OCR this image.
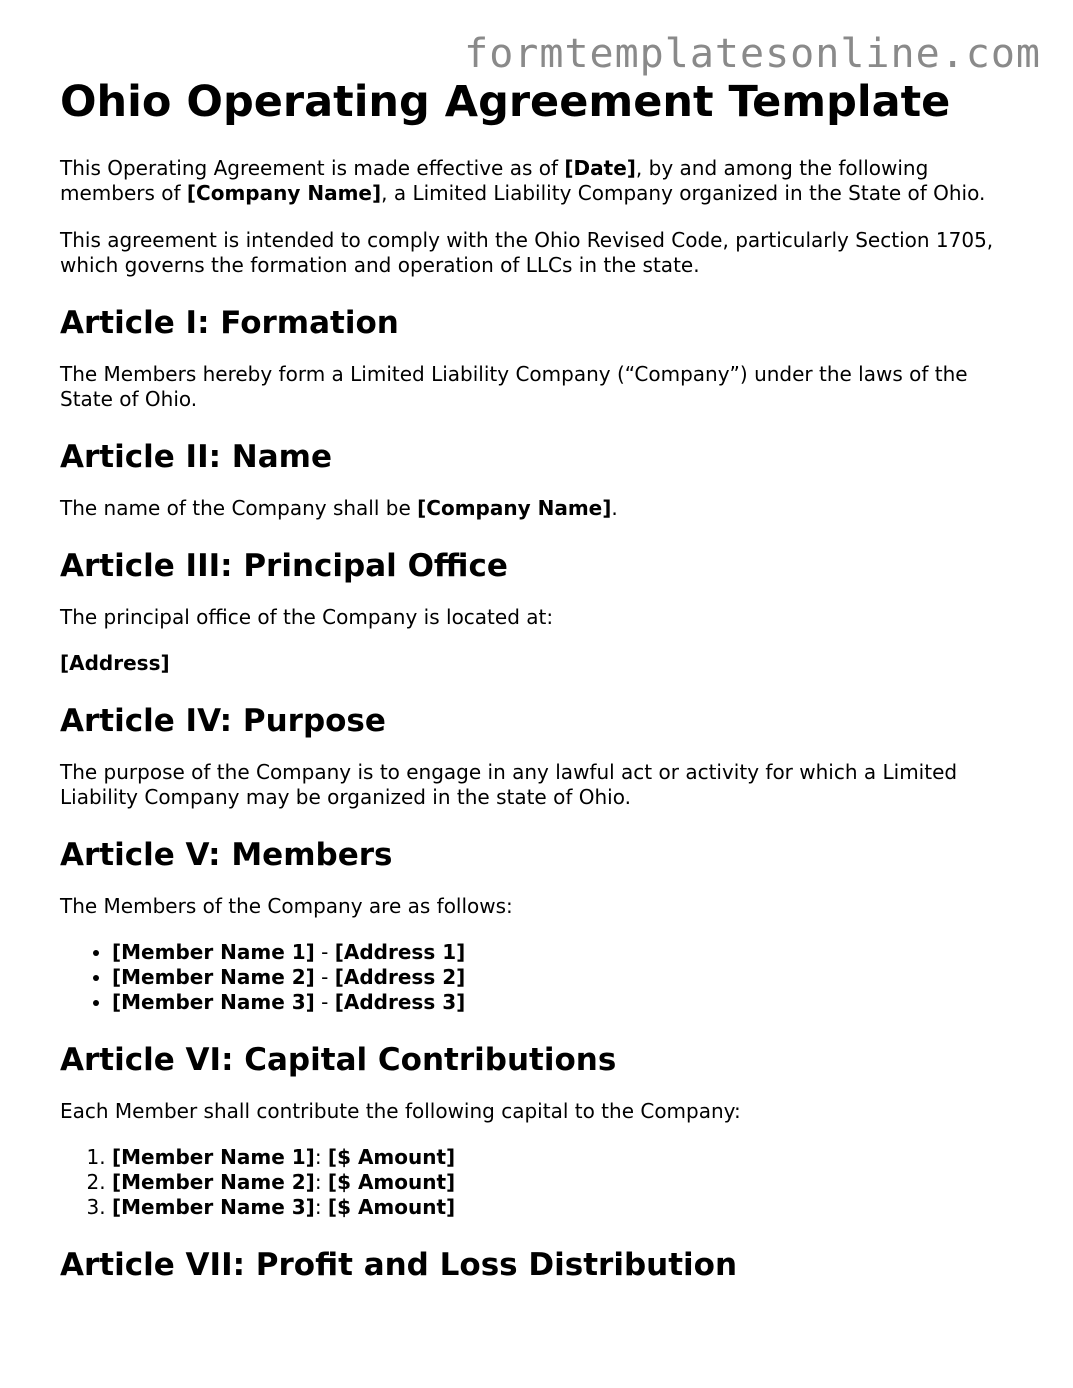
formtemplatesonline.com
Ohio Operating Agreement Template

This Operating Agreement is made effective as of [Date], by and among the following members of [Company Name], a Limited Liability Company organized in the State of Ohio.

This agreement is intended to comply with the Ohio Revised Code, particularly Section 1705, which governs the formation and operation of LLCs in the state.

Article I: Formation

The Members hereby form a Limited Liability Company (“Company”) under the laws of the State of Ohio.

Article II: Name

The name of the Company shall be [Company Name].

Article III: Principal Office

The principal office of the Company is located at:

[Address]

Article IV: Purpose

The purpose of the Company is to engage in any lawful act or activity for which a Limited Liability Company may be organized in the state of Ohio.

Article V: Members

The Members of the Company are as follows:

• [Member Name 1] - [Address 1]
• [Member Name 2] - [Address 2]
• [Member Name 3] - [Address 3]
Article VI: Capital Contributions

Each Member shall contribute the following capital to the Company:

1. [Member Name 1]: [$ Amount]
2. [Member Name 2]: [$ Amount]
3. [Member Name 3]: [$ Amount]
Article VII: Profit and Loss Distribution
